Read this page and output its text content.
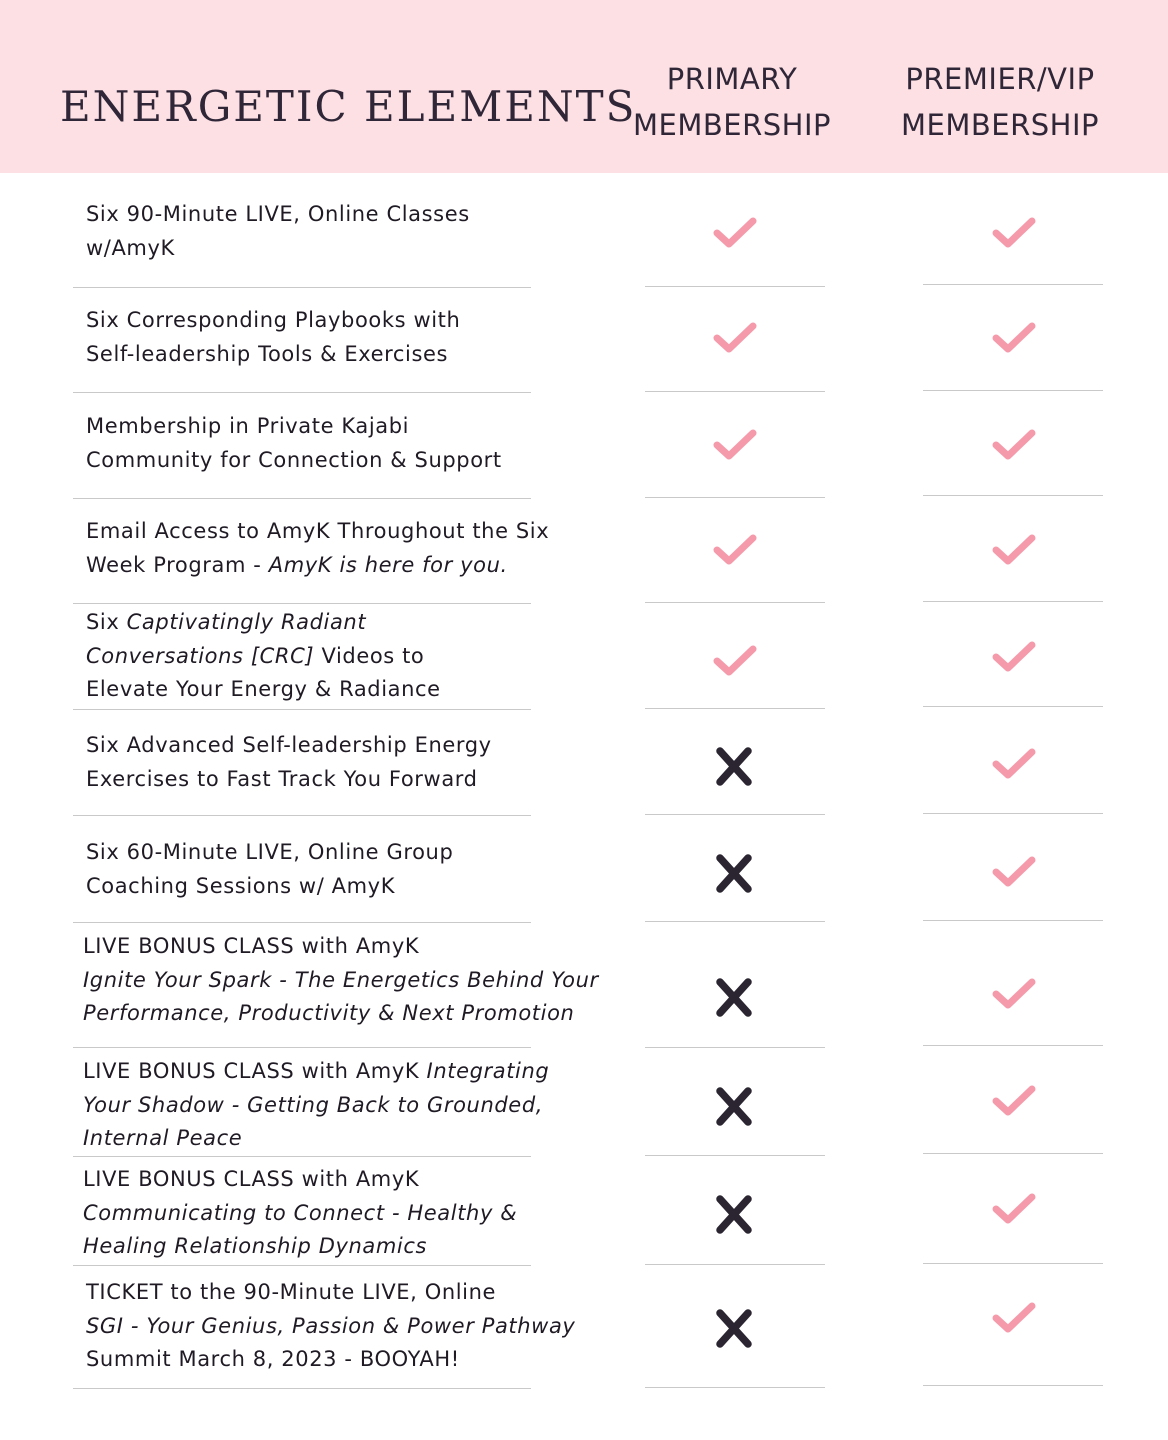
ENERGETIC ELEMENTS
PRIMARY
MEMBERSHIP
PREMIER/VIP
MEMBERSHIP
Six 90-Minute LIVE, Online Classes
w/AmyK
Six Corresponding Playbooks with
Self-leadership Tools & Exercises
Membership in Private Kajabi
Community for Connection & Support
Email Access to AmyK Throughout the Six
Week Program - AmyK is here for you.
Six Captivatingly Radiant
Conversations [CRC] Videos to
Elevate Your Energy & Radiance
Six Advanced Self-leadership Energy
Exercises to Fast Track You Forward
Six 60-Minute LIVE, Online Group
Coaching Sessions w/ AmyK
LIVE BONUS CLASS with AmyK
Ignite Your Spark - The Energetics Behind Your
Performance, Productivity & Next Promotion
LIVE BONUS CLASS with AmyK Integrating
Your Shadow - Getting Back to Grounded,
Internal Peace
LIVE BONUS CLASS with AmyK
Communicating to Connect - Healthy &
Healing Relationship Dynamics
TICKET to the 90-Minute LIVE, Online
SGI - Your Genius, Passion & Power Pathway
Summit March 8, 2023 - BOOYAH!
